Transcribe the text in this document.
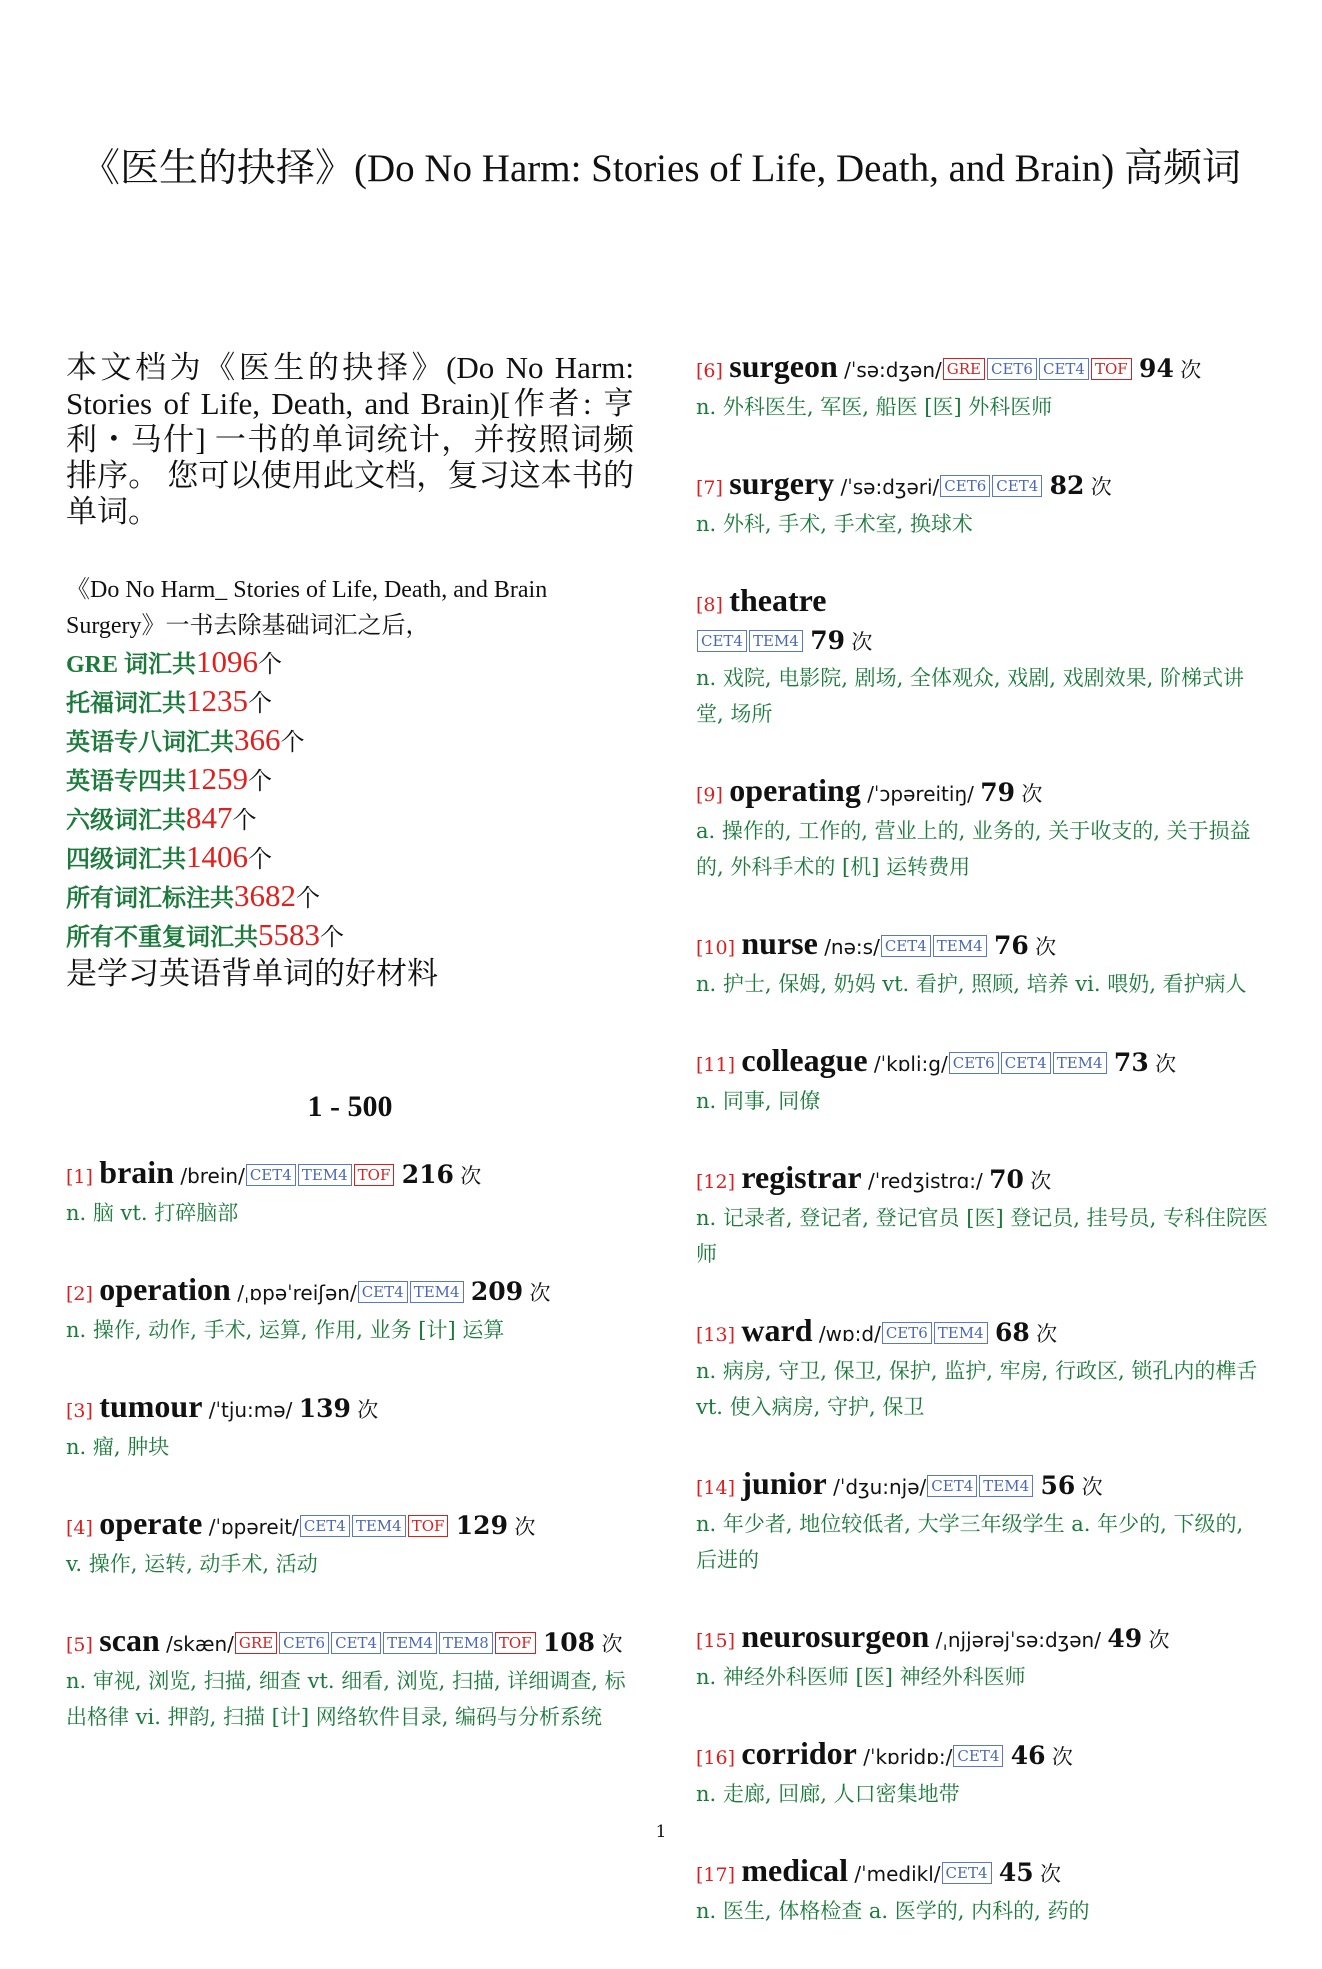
《医生的抉择》(Do No Harm: Stories of Life, Death, and Brain) 高频词
本文档为《医生的抉择》(Do No Harm: Stories of Life, Death, and Brain)[作者: 亨利・马什] 一书的单词统计，并按照词频排序。 您可以使用此文档，复习这本书的单词。
《Do No Harm_ Stories of Life, Death, and Brain Surgery》一书去除基础词汇之后，
GRE 词汇共1096个
托福词汇共1235个
英语专八词汇共366个
英语专四共1259个
六级词汇共847个
四级词汇共1406个
所有词汇标注共3682个
所有不重复词汇共5583个
是学习英语背单词的好材料
1 - 500
[1] brain /brein/ CET4 TEM4 TOF 216 次
n. 脑 vt. 打碎脑部
[2] operation /ˌɒpəˈreiʃən/ CET4 TEM4 209 次
n. 操作, 动作, 手术, 运算, 作用, 业务 [计] 运算
[3] tumour /ˈtju:mə/ 139 次
n. 瘤, 肿块
[4] operate /ˈɒpəreit/ CET4 TEM4 TOF 129 次
v. 操作, 运转, 动手术, 活动
[5] scan /skæn/ GRE CET6 CET4 TEM4 TEM8 TOF 108 次
n. 审视, 浏览, 扫描, 细查 vt. 细看, 浏览, 扫描, 详细调查, 标出格律 vi. 押韵, 扫描 [计] 网络软件目录, 编码与分析系统
[6] surgeon /ˈsə:dʒən/ GRE CET6 CET4 TOF 94 次
n. 外科医生, 军医, 船医 [医] 外科医师
[7] surgery /ˈsə:dʒəri/ CET6 CET4 82 次
n. 外科, 手术, 手术室, 换球术
[8] theatre
CET4 TEM4 79 次
n. 戏院, 电影院, 剧场, 全体观众, 戏剧, 戏剧效果, 阶梯式讲堂, 场所
[9] operating /ˈɔpəreitiŋ/ 79 次
a. 操作的, 工作的, 营业上的, 业务的, 关于收支的, 关于损益的, 外科手术的 [机] 运转费用
[10] nurse /nə:s/ CET4 TEM4 76 次
n. 护士, 保姆, 奶妈 vt. 看护, 照顾, 培养 vi. 喂奶, 看护病人
[11] colleague /ˈkɒli:g/ CET6 CET4 TEM4 73 次
n. 同事, 同僚
[12] registrar /ˈredʒistrɑ:/ 70 次
n. 记录者, 登记者, 登记官员 [医] 登记员, 挂号员, 专科住院医师
[13] ward /wɒ:d/ CET6 TEM4 68 次
n. 病房, 守卫, 保卫, 保护, 监护, 牢房, 行政区, 锁孔内的榫舌 vt. 使入病房, 守护, 保卫
[14] junior /ˈdʒu:njə/ CET4 TEM4 56 次
n. 年少者, 地位较低者, 大学三年级学生 a. 年少的, 下级的, 后进的
[15] neurosurgeon /ˌnjjərəjˈsə:dʒən/ 49 次
n. 神经外科医师 [医] 神经外科医师
[16] corridor /ˈkɒridɒ:/ CET4 46 次
n. 走廊, 回廊, 人口密集地带
[17] medical /ˈmedikl/ CET4 45 次
n. 医生, 体格检查 a. 医学的, 内科的, 药的
1
